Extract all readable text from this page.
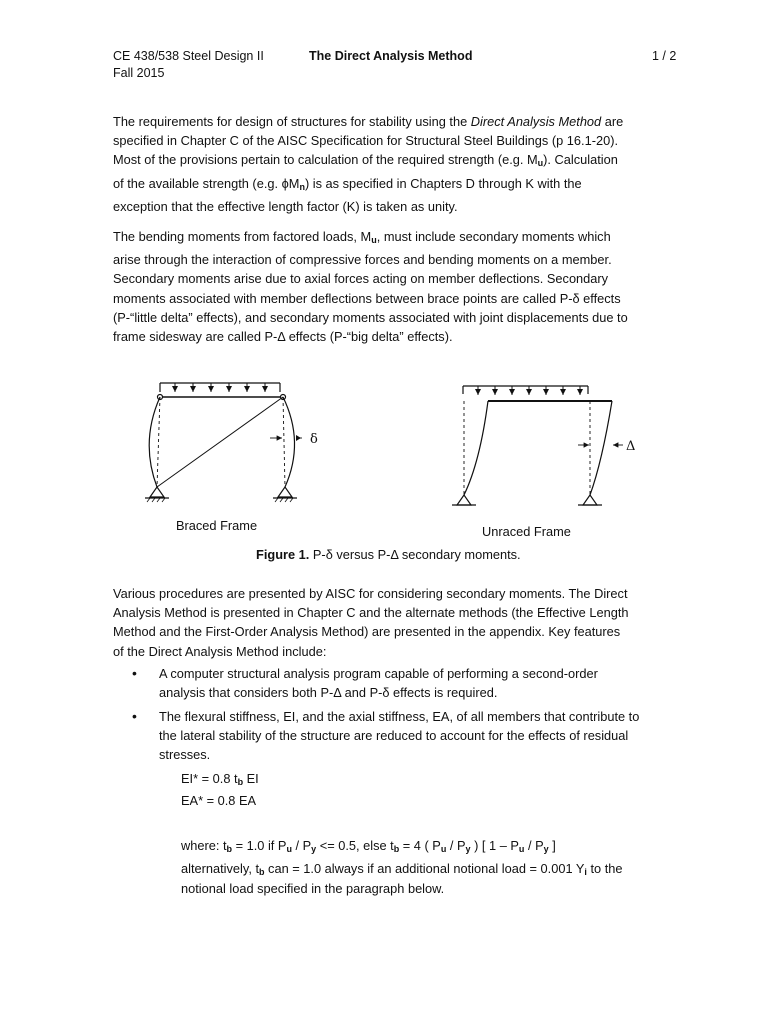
CE 438/538 Steel Design II
Fall 2015
The Direct Analysis Method	1 / 2
The requirements for design of structures for stability using the Direct Analysis Method are
specified in Chapter C of the AISC Specification for Structural Steel Buildings (p 16.1-20).
Most of the provisions pertain to calculation of the required strength (e.g. $M_u$). Calculation
of the available strength (e.g. $\phi M_n$) is as specified in Chapters D through K with the
exception that the effective length factor (K) is taken as unity.
The bending moments from factored loads, $M_u$, must include secondary moments which
arise through the interaction of compressive forces and bending moments on a member.
Secondary moments arise due to axial forces acting on member deflections. Secondary
moments associated with member deflections between brace points are called P-δ effects
(P-“little delta” effects), and secondary moments associated with joint displacements due to
frame sidesway are called P-Δ effects (P-“big delta” effects).
δ	Δ
Braced Frame	Unraced Frame
Figure 1. P-δ versus P-Δ secondary moments.
Various procedures are presented by AISC for considering secondary moments. The Direct
Analysis Method is presented in Chapter C and the alternate methods (the Effective Length
Method and the First-Order Analysis Method) are presented in the appendix. Key features
of the Direct Analysis Method include:
• A computer structural analysis program capable of performing a second-order
analysis that considers both P-Δ and P-δ effects is required.
• The flexural stiffness, EI, and the axial stiffness, EA, of all members that contribute to
the lateral stability of the structure are reduced to account for the effects of residual
stresses.
EI* = 0.8 $t_b$ EI
EA* = 0.8 EA
where: $t_b = 1.0$ if $P_u / P_y <= 0.5$, else $t_b = 4$ ( $P_u / P_y$ ) [ $1 - P_u / P_y$ ]
alternatively, $t_b$ can = 1.0 always if an additional notional load = 0.001 $Y_i$ to the
notional load specified in the paragraph below.
